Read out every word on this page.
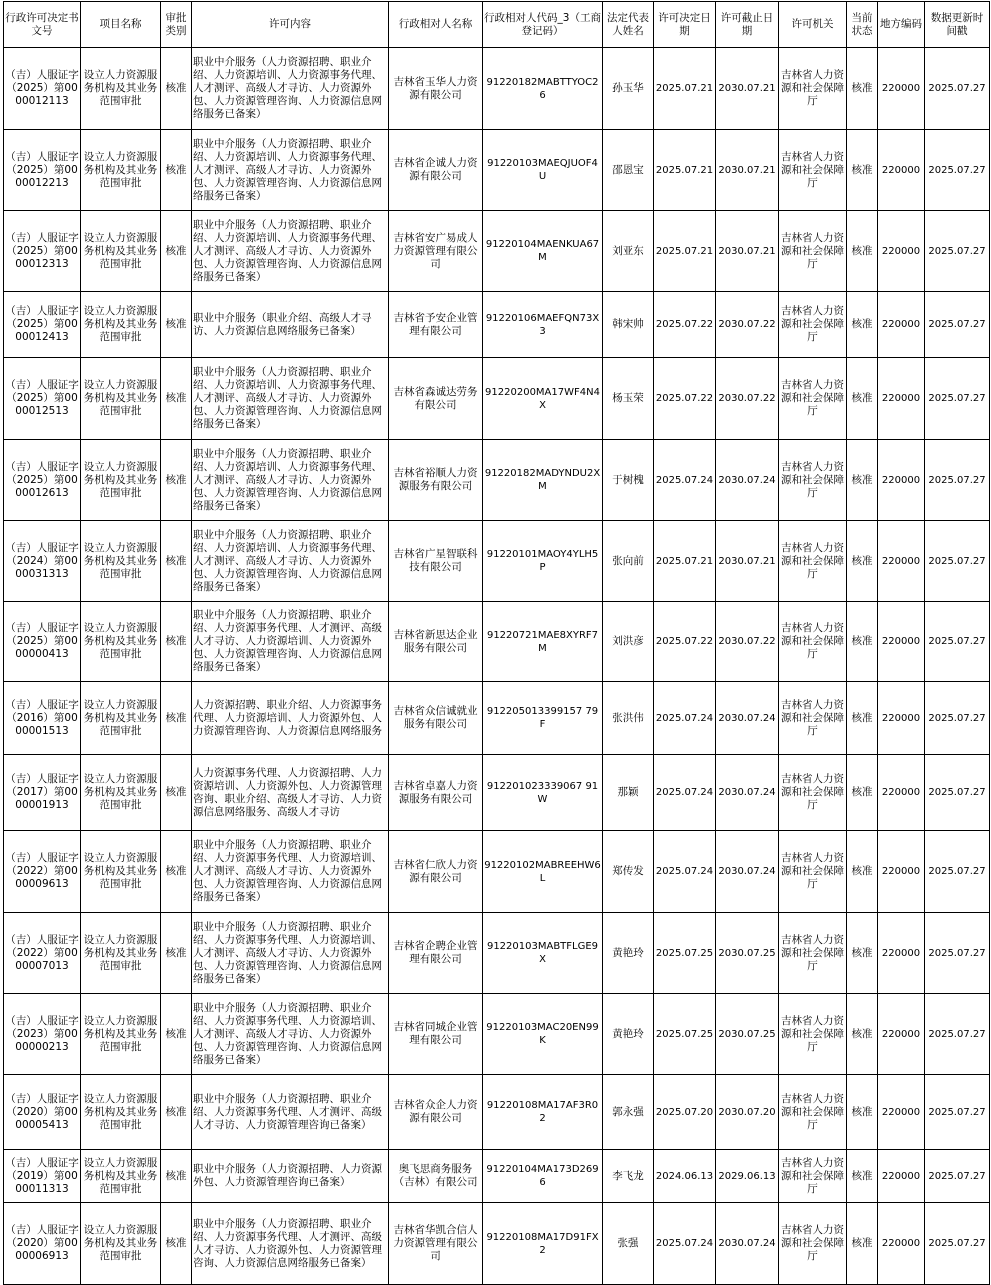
行政许可决定书文号	项目名称	审批类别	许可内容	行政相对人名称	行政相对人代码_3（工商登记码）	法定代表人姓名	许可决定日期	许可截止日期	许可机关	当前状态	地方编码	数据更新时间戳
（吉）人服证字（2025）第0000012113	设立人力资源服务机构及其业务范围审批	核准	职业中介服务（人力资源招聘、职业介绍、人力资源培训、人力资源事务代理、人才测评、高级人才寻访、人力资源外包、人力资源管理咨询、人力资源信息网络服务已备案）	吉林省玉华人力资源有限公司	91220182MABTTYOC26	孙玉华	2025.07.21	2030.07.21	吉林省人力资源和社会保障厅	核准	220000	2025.07.27
（吉）人服证字（2025）第0000012213	设立人力资源服务机构及其业务范围审批	核准	职业中介服务（人力资源招聘、职业介绍、人力资源培训、人力资源事务代理、人才测评、高级人才寻访、人力资源外包、人力资源管理咨询、人力资源信息网络服务已备案）	吉林省企诚人力资源有限公司	91220103MAEQJUOF4U	邵恩宝	2025.07.21	2030.07.21	吉林省人力资源和社会保障厅	核准	220000	2025.07.27
（吉）人服证字（2025）第0000012313	设立人力资源服务机构及其业务范围审批	核准	职业中介服务（人力资源招聘、职业介绍、人力资源培训、人力资源事务代理、人才测评、高级人才寻访、人力资源外包、人力资源管理咨询、人力资源信息网络服务已备案）	吉林省安广易成人力资源管理有限公司	91220104MAENKUA67M	刘亚东	2025.07.21	2030.07.21	吉林省人力资源和社会保障厅	核准	220000	2025.07.27
（吉）人服证字（2025）第0000012413	设立人力资源服务机构及其业务范围审批	核准	职业中介服务（职业介绍、高级人才寻访、人力资源信息网络服务已备案）	吉林省予安企业管理有限公司	91220106MAEFQN73X3	韩宋帅	2025.07.22	2030.07.22	吉林省人力资源和社会保障厅	核准	220000	2025.07.27
（吉）人服证字（2025）第0000012513	设立人力资源服务机构及其业务范围审批	核准	职业中介服务（人力资源招聘、职业介绍、人力资源培训、人力资源事务代理、人才测评、高级人才寻访、人力资源外包、人力资源管理咨询、人力资源信息网络服务已备案）	吉林省森诚达劳务有限公司	91220200MA17WF4N4X	杨玉荣	2025.07.22	2030.07.22	吉林省人力资源和社会保障厅	核准	220000	2025.07.27
（吉）人服证字（2025）第0000012613	设立人力资源服务机构及其业务范围审批	核准	职业中介服务（人力资源招聘、职业介绍、人力资源培训、人力资源事务代理、人才测评、高级人才寻访、人力资源外包、人力资源管理咨询、人力资源信息网络服务已备案）	吉林省裕顺人力资源服务有限公司	91220182MADYNDU2XM	于树槐	2025.07.24	2030.07.24	吉林省人力资源和社会保障厅	核准	220000	2025.07.27
（吉）人服证字（2024）第0000031313	设立人力资源服务机构及其业务范围审批	核准	职业中介服务（人力资源招聘、职业介绍、人力资源培训、人力资源事务代理、人才测评、高级人才寻访、人力资源外包、人力资源管理咨询、人力资源信息网络服务已备案）	吉林省广星智联科技有限公司	91220101MAOY4YLH5P	张向前	2025.07.21	2030.07.21	吉林省人力资源和社会保障厅	核准	220000	2025.07.27
（吉）人服证字（2025）第0000000413	设立人力资源服务机构及其业务范围审批	核准	职业中介服务（人力资源招聘、职业介绍、人力资源事务代理、人才测评、高级人才寻访、人力资源培训、人力资源外包、人力资源管理咨询、人力资源信息网络服务已备案）	吉林省新思达企业服务有限公司	91220721MAE8XYRF7M	刘洪彦	2025.07.22	2030.07.22	吉林省人力资源和社会保障厅	核准	220000	2025.07.27
（吉）人服证字（2016）第0000001513	设立人力资源服务机构及其业务范围审批	核准	人力资源招聘、职业介绍、人力资源事务代理、人力资源培训、人力资源外包、人力资源管理咨询、人力资源信息网络服务	吉林省众信诚就业服务有限公司	912205013399157 79F	张洪伟	2025.07.24	2030.07.24	吉林省人力资源和社会保障厅	核准	220000	2025.07.27
（吉）人服证字（2017）第0000001913	设立人力资源服务机构及其业务范围审批	核准	人力资源事务代理、人力资源招聘、人力资源培训、人力资源外包、人力资源管理咨询、职业介绍、高级人才寻访、人力资源信息网络服务、高级人才寻访	吉林省卓嘉人力资源服务有限公司	912201023339067 91W	那颖	2025.07.24	2030.07.24	吉林省人力资源和社会保障厅	核准	220000	2025.07.27
（吉）人服证字（2022）第0000009613	设立人力资源服务机构及其业务范围审批	核准	职业中介服务（人力资源招聘、职业介绍、人力资源事务代理、人力资源培训、人才测评、高级人才寻访、人力资源外包、人力资源管理咨询、人力资源信息网络服务已备案）	吉林省仁欣人力资源有限公司	91220102MABREEHW6L	郑传发	2025.07.24	2030.07.24	吉林省人力资源和社会保障厅	核准	220000	2025.07.27
（吉）人服证字（2022）第0000007013	设立人力资源服务机构及其业务范围审批	核准	职业中介服务（人力资源招聘、职业介绍、人力资源事务代理、人力资源培训、人才测评、高级人才寻访、人力资源外包、人力资源管理咨询、人力资源信息网络服务已备案）	吉林省企聘企业管理有限公司	91220103MABTFLGE9X	黄艳玲	2025.07.25	2030.07.25	吉林省人力资源和社会保障厅	核准	220000	2025.07.27
（吉）人服证字（2023）第0000000213	设立人力资源服务机构及其业务范围审批	核准	职业中介服务（人力资源招聘、职业介绍、人力资源事务代理、人力资源培训、人才测评、高级人才寻访、人力资源外包、人力资源管理咨询、人力资源信息网络服务已备案）	吉林省同城企业管理有限公司	91220103MAC20EN99K	黄艳玲	2025.07.25	2030.07.25	吉林省人力资源和社会保障厅	核准	220000	2025.07.27
（吉）人服证字（2020）第0000005413	设立人力资源服务机构及其业务范围审批	核准	职业中介服务（人力资源招聘、职业介绍、人力资源事务代理、人才测评、高级人才寻访、人力资源管理咨询已备案）	吉林省众企人力资源有限公司	91220108MA17AF3R02	郭永强	2025.07.20	2030.07.20	吉林省人力资源和社会保障厅	核准	220000	2025.07.27
（吉）人服证字（2019）第0000011313	设立人力资源服务机构及其业务范围审批	核准	职业中介服务（人力资源招聘、人力资源外包、人力资源管理咨询已备案）	奥飞思商务服务（吉林）有限公司	91220104MA173D2696	李飞龙	2024.06.13	2029.06.13	吉林省人力资源和社会保障厅	核准	220000	2025.07.27
（吉）人服证字（2020）第0000006913	设立人力资源服务机构及其业务范围审批	核准	职业中介服务（人力资源招聘、职业介绍、人力资源事务代理、人才测评、高级人才寻访、人力资源外包、人力资源管理咨询、人力资源信息网络服务已备案）	吉林省华凯合信人力资源管理有限公司	91220108MA17D91FX2	张强	2025.07.24	2030.07.24	吉林省人力资源和社会保障厅	核准	220000	2025.07.27
